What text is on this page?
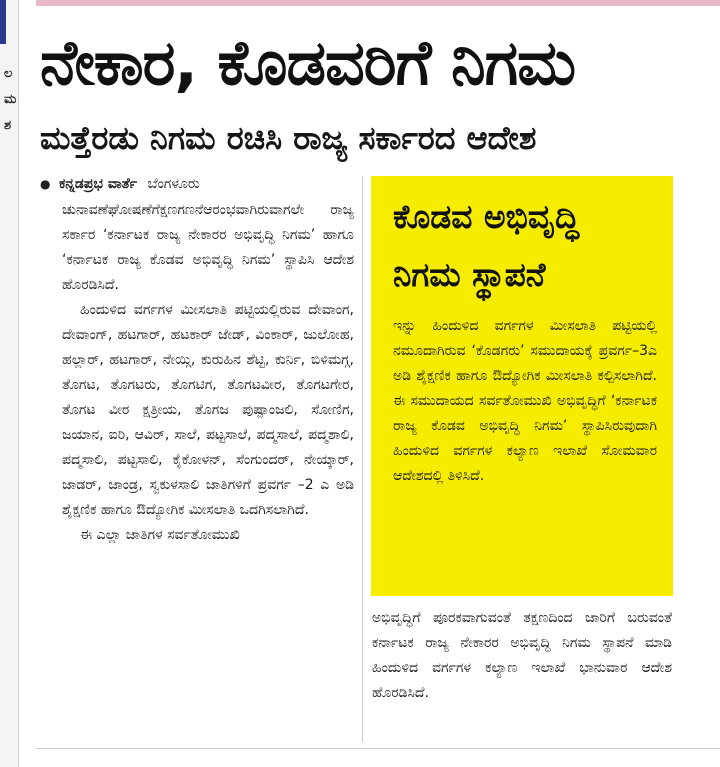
ಲ
ಮ
ಶ
ನೇಕಾರ, ಕೊಡವರಿಗೆ ನಿಗಮ
ಮತ್ತೆರಡು ನಿಗಮ ರಚಿಸಿ ರಾಜ್ಯ ಸರ್ಕಾರದ ಆದೇಶ
● ಕನ್ನಡಪ್ರಭ ವಾರ್ತೆ ಬೆಂಗಳೂರು

ಚುನಾವಣೆಘೋಷಣೆಗೆಕ್ಷಣಗಣನೆಆರಂಭವಾಗಿರುವಾಗಲೇ ರಾಜ್ಯ ಸರ್ಕಾರ ‘ಕರ್ನಾಟಕ ರಾಜ್ಯ ನೇಕಾರರ ಅಭಿವೃದ್ಧಿ ನಿಗಮ’ ಹಾಗೂ ‘ಕರ್ನಾಟಕ ರಾಜ್ಯ ಕೊಡವ ಅಭಿವೃದ್ಧಿ ನಿಗಮ’ ಸ್ಥಾಪಿಸಿ ಆದೇಶ ಹೊರಡಿಸಿದೆ.

ಹಿಂದುಳಿದ ವರ್ಗಗಳ ಮೀಸಲಾತಿ ಪಟ್ಟಿಯಲ್ಲಿರುವ ದೇವಾಂಗ, ದೇವಾಂಗ್, ಹಟಗಾರ್, ಹಟಕಾರ್ ಜೇಡ್, ವಿಂಕಾರ್, ಜುಲೋಹ, ಹಲ್ಲಾರ್, ಹಟಗಾರ್, ನೇಯ್ಗಿ, ಕುರುಹಿನ ಶೆಟ್ಟಿ, ಕುರ್ನಿ, ಬಿಳಿಮಗ್ಗ, ತೊಗಟ, ತೊಗಟರು, ತೊಗಟಿಗ, ತೊಗಟವೀರ, ತೊಗಟಗೇರ, ತೊಗಟ ವೀರ ಕ್ಷತ್ರೀಯ, ತೊಗಜ ಪುಷ್ಪಾಂಜಲಿ, ಸೋಣಿಗ, ಜಯಾನ, ಐರಿ, ಆವಿರ್, ಸಾಲೆ, ಪಟ್ಟಸಾಲೆ, ಪದ್ಮಸಾಲೆ, ಪದ್ಮಶಾಲಿ, ಪದ್ಮಸಾಲಿ, ಪಟ್ಟಸಾಲಿ, ಕೈಕೋಳನ್, ಸೆಂಗುಂದರ್, ನೇಯ್ಕಾರ್, ಜಾಡರ್, ಜಾಂಡ್ರ, ಸ್ವಕುಳಸಾಲಿ ಜಾತಿಗಳಿಗೆ ಪ್ರವರ್ಗ –2 ಎ ಅಡಿ ಶೈಕ್ಷಣಿಕ ಹಾಗೂ ಔದ್ಯೋಗಿಕ ಮೀಸಲಾತಿ ಒದಗಿಸಲಾಗಿದೆ.

ಈ ಎಲ್ಲಾ ಜಾತಿಗಳ ಸರ್ವತೋಮುಖಿ

ಕೊಡವ ಅಭಿವೃದ್ಧಿ ನಿಗಮ ಸ್ಥಾಪನೆ

ಇನ್ನು ಹಿಂದುಳಿದ ವರ್ಗಗಳ ಮೀಸಲಾತಿ ಪಟ್ಟಿಯಲ್ಲಿ ನಮೂದಾಗಿರುವ ‘ಕೊಡಗರು’ ಸಮುದಾಯಕ್ಕೆ ಪ್ರವರ್ಗ–3ಎ ಅಡಿ ಶೈಕ್ಷಣಿಕ ಹಾಗೂ ಔದ್ಯೋಗಿಕ ಮೀಸಲಾತಿ ಕಲ್ಪಿಸಲಾಗಿದೆ. ಈ ಸಮುದಾಯದ ಸರ್ವತೋಮುಖಿ ಅಭಿವೃದ್ಧಿಗೆ ‘ಕರ್ನಾಟಕ ರಾಜ್ಯ ಕೊಡವ ಅಭಿವೃದ್ಧಿ ನಿಗಮ’ ಸ್ಥಾಪಿಸಿರುವುದಾಗಿ ಹಿಂದುಳಿದ ವರ್ಗಗಳ ಕಲ್ಯಾಣ ಇಲಾಖೆ ಸೋಮವಾರ ಆದೇಶದಲ್ಲಿ ತಿಳಿಸಿದೆ.

ಅಭಿವೃದ್ಧಿಗೆ ಪೂರಕವಾಗುವಂತೆ ತಕ್ಷಣದಿಂದ ಜಾರಿಗೆ ಬರುವಂತೆ ಕರ್ನಾಟಕ ರಾಜ್ಯ ನೇಕಾರರ ಅಭಿವೃದ್ಧಿ ನಿಗಮ ಸ್ಥಾಪನೆ ಮಾಡಿ ಹಿಂದುಳಿದ ವರ್ಗಗಳ ಕಲ್ಯಾಣ ಇಲಾಖೆ ಭಾನುವಾರ ಆದೇಶ ಹೊರಡಿಸಿದೆ.
